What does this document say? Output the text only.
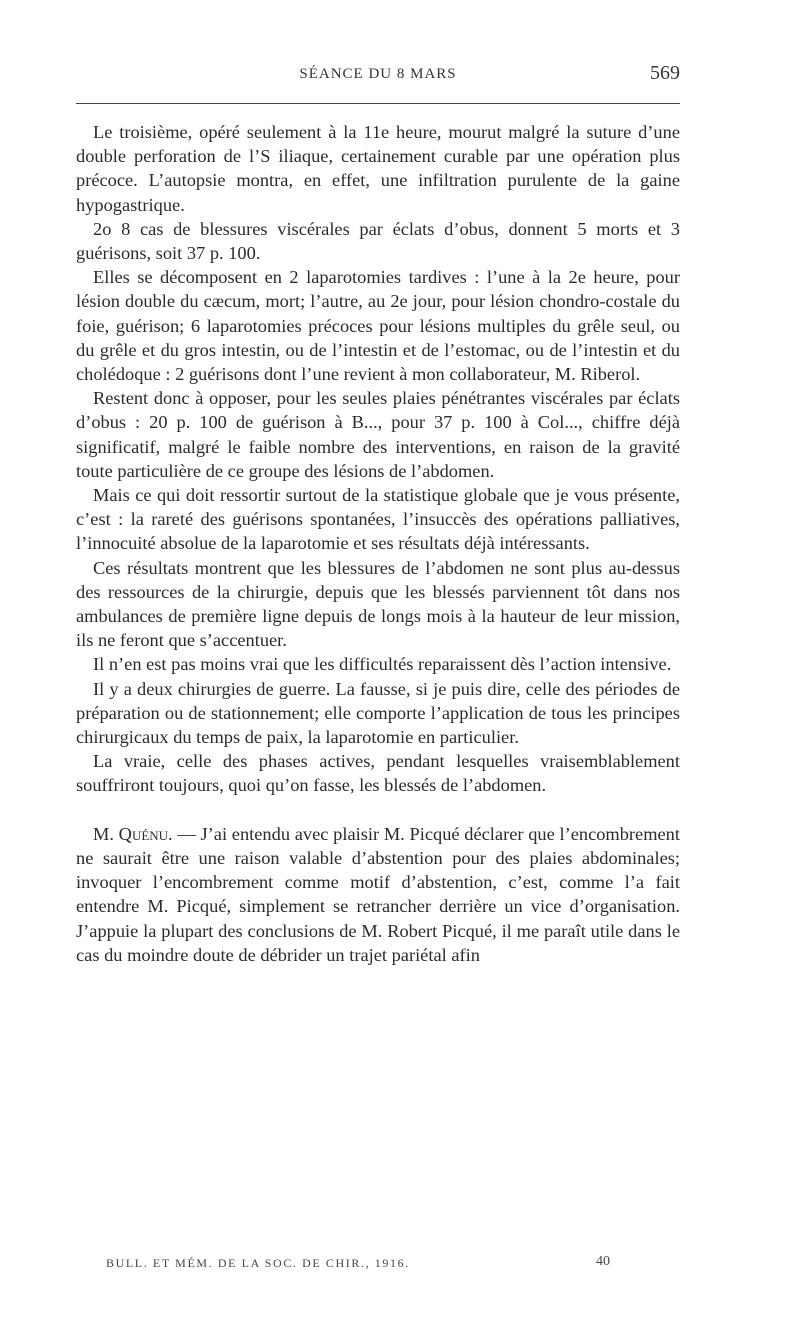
SÉANCE DU 8 MARS	569

Le troisième, opéré seulement à la 11e heure, mourut malgré la suture d’une double perforation de l’S iliaque, certainement curable par une opération plus précoce. L’autopsie montra, en effet, une infiltration purulente de la gaine hypogastrique.

2o 8 cas de blessures viscérales par éclats d’obus, donnent 5 morts et 3 guérisons, soit 37 p. 100.

Elles se décomposent en 2 laparotomies tardives : l’une à la 2e heure, pour lésion double du cæcum, mort; l’autre, au 2e jour, pour lésion chondro-costale du foie, guérison; 6 laparotomies précoces pour lésions multiples du grêle seul, ou du grêle et du gros intestin, ou de l’intestin et de l’estomac, ou de l’intestin et du cholédoque : 2 guérisons dont l’une revient à mon collaborateur, M. Riberol.

Restent donc à opposer, pour les seules plaies pénétrantes viscérales par éclats d’obus : 20 p. 100 de guérison à B..., pour 37 p. 100 à Col..., chiffre déjà significatif, malgré le faible nombre des interventions, en raison de la gravité toute particulière de ce groupe des lésions de l’abdomen.

Mais ce qui doit ressortir surtout de la statistique globale que je vous présente, c’est : la rareté des guérisons spontanées, l’insuccès des opérations palliatives, l’innocuité absolue de la laparotomie et ses résultats déjà intéressants.

Ces résultats montrent que les blessures de l’abdomen ne sont plus au-dessus des ressources de la chirurgie, depuis que les blessés parviennent tôt dans nos ambulances de première ligne depuis de longs mois à la hauteur de leur mission, ils ne feront que s’accentuer.

Il n’en est pas moins vrai que les difficultés reparaissent dès l’action intensive.

Il y a deux chirurgies de guerre. La fausse, si je puis dire, celle des périodes de préparation ou de stationnement; elle comporte l’application de tous les principes chirurgicaux du temps de paix, la laparotomie en particulier.

La vraie, celle des phases actives, pendant lesquelles vraisemblablement souffriront toujours, quoi qu’on fasse, les blessés de l’abdomen.

M. Quénu. — J’ai entendu avec plaisir M. Picqué déclarer que l’encombrement ne saurait être une raison valable d’abstention pour des plaies abdominales; invoquer l’encombrement comme motif d’abstention, c’est, comme l’a fait entendre M. Picqué, simplement se retrancher derrière un vice d’organisation. J’appuie la plupart des conclusions de M. Robert Picqué, il me paraît utile dans le cas du moindre doute de débrider un trajet pariétal afin

BULL. ET MÉM. DE LA SOC. DE CHIR., 1916.	40
